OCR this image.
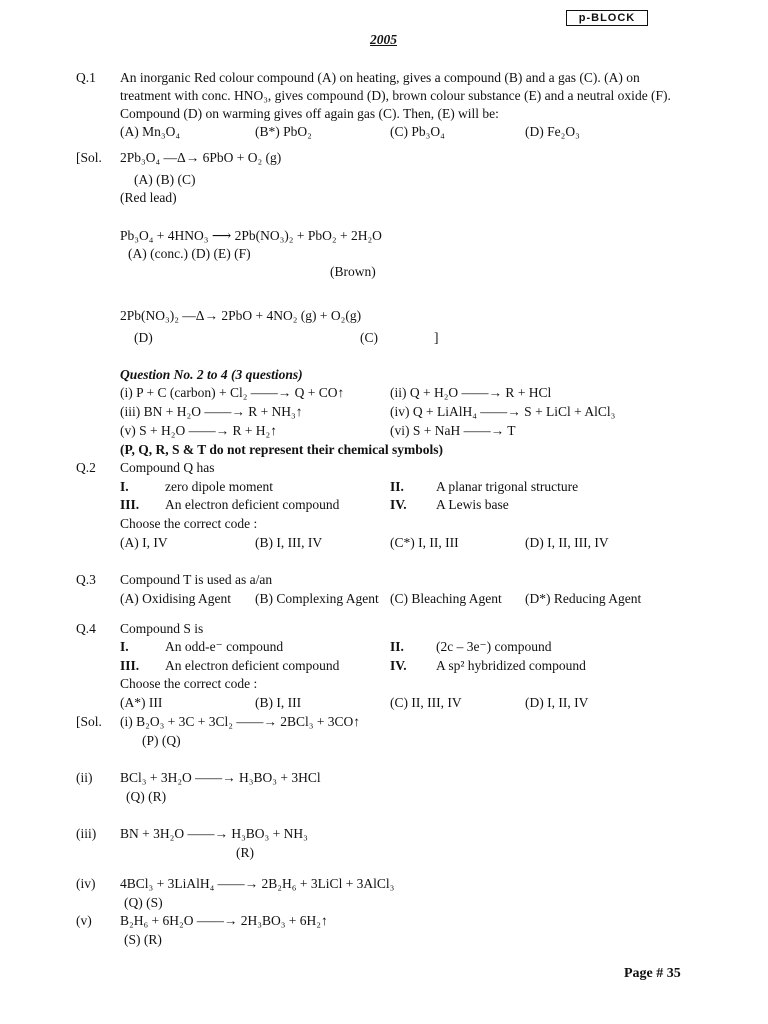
p-BLOCK
2005
Q.1 An inorganic Red colour compound (A) on heating, gives a compound (B) and a gas (C). (A) on
treatment with conc. HNO₃, gives compound (D), brown colour substance (E) and a neutral oxide (F).
Compound (D) on warming gives off again gas (C). Then, (E) will be:
(A) Mn₃O₄	(B*) PbO₂	(C) Pb₃O₄	(D) Fe₂O₃
[Sol. 2Pb₃O₄ —Δ→ 6PbO + O₂ (g)
(A) (B) (C)
(Red lead)
Pb₃O₄ + 4HNO₃ ⟶ 2Pb(NO₃)₂ + PbO₂ + 2H₂O
(A) (conc.) (D) (E) (F)
(Brown)
2Pb(NO₃)₂ —Δ→ 2PbO + 4NO₂ (g) + O₂(g)
(D)	(C)	]
Question No. 2 to 4 (3 questions)
(i) P + C (carbon) + Cl₂ ——→ Q + CO↑	(ii) Q + H₂O ——→ R + HCl
(iii) BN + H₂O ——→ R + NH₃↑	(iv) Q + LiAlH₄ ——→ S + LiCl + AlCl₃
(v) S + H₂O ——→ R + H₂↑	(vi) S + NaH ——→ T
(P, Q, R, S & T do not represent their chemical symbols)
Q.2 Compound Q has
I.	zero dipole moment	II. A planar trigonal structure
III. An electron deficient compound	IV. A Lewis base
Choose the correct code :
(A) I, IV	(B) I, III, IV	(C*) I, II, III	(D) I, II, III, IV
Q.3 Compound T is used as a/an
(A) Oxidising Agent (B) Complexing Agent (C) Bleaching Agent (D*) Reducing Agent
Q.4 Compound S is
I.	An odd-e⁻ compound	II. (2c – 3e⁻) compound
III. An electron deficient compound	IV. A sp² hybridized compound
Choose the correct code :
(A*) III	(B) I, III	(C) II, III, IV	(D) I, II, IV
[Sol. (i) B₂O₃ + 3C + 3Cl₂ ——→ 2BCl₃ + 3CO↑
(P) (Q)
(ii) BCl₃ + 3H₂O ——→ H₃BO₃ + 3HCl
(Q) (R)
(iii) BN + 3H₂O ——→ H₃BO₃ + NH₃
(R)
(iv) 4BCl₃ + 3LiAlH₄ ——→ 2B₂H₆ + 3LiCl + 3AlCl₃
(Q) (S)
(v) B₂H₆ + 6H₂O ——→ 2H₃BO₃ + 6H₂↑
(S) (R)
Page # 35
